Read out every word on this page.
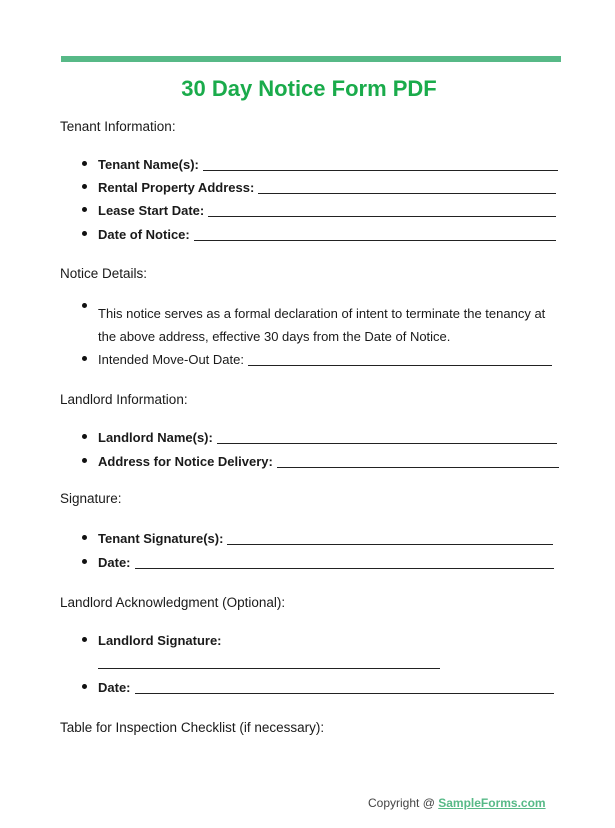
30 Day Notice Form PDF
Tenant Information:
Tenant Name(s):
Rental Property Address:
Lease Start Date:
Date of Notice:
Notice Details:
This notice serves as a formal declaration of intent to terminate the tenancy at the above address, effective 30 days from the Date of Notice.
Intended Move-Out Date:
Landlord Information:
Landlord Name(s):
Address for Notice Delivery:
Signature:
Tenant Signature(s):
Date:
Landlord Acknowledgment (Optional):
Landlord Signature:
Date:
Table for Inspection Checklist (if necessary):
Copyright @ SampleForms.com
